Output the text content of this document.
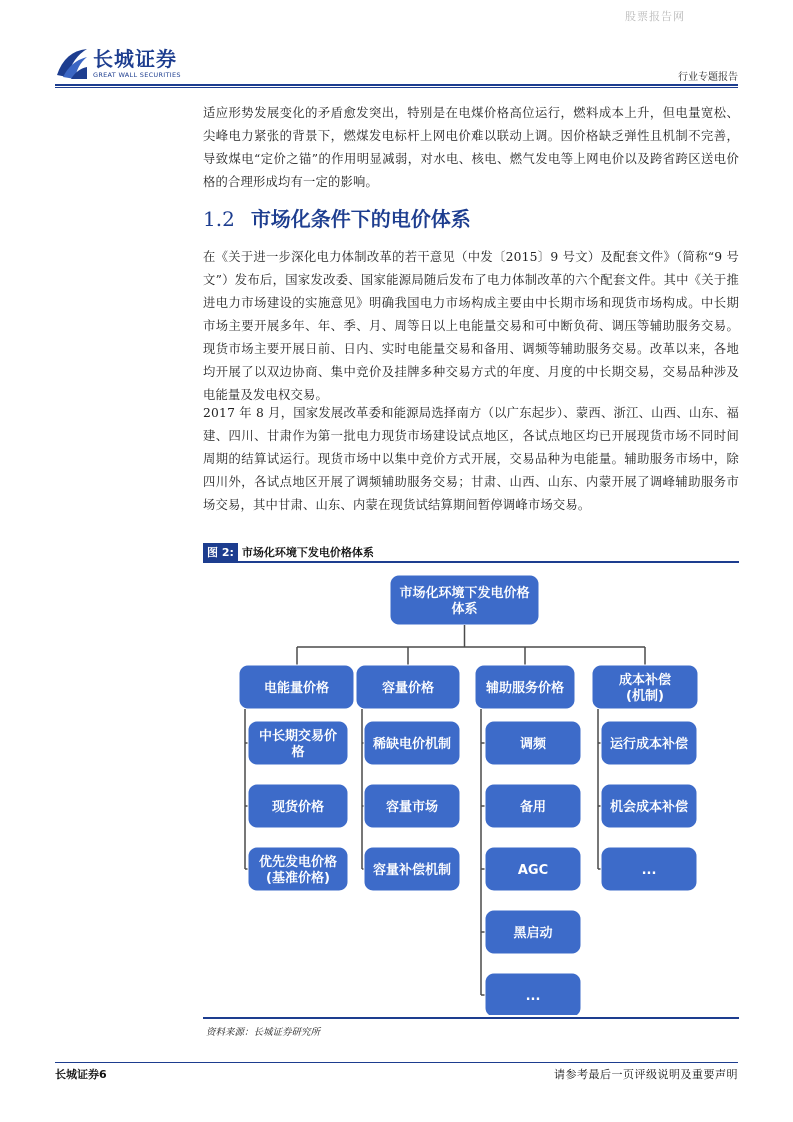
股票报告网
长城证券
GREAT WALL SECURITIES	行业专题报告
适应形势发展变化的矛盾愈发突出，特别是在电煤价格高位运行，燃料成本上升，但电量宽松、尖峰电力紧张的背景下，燃煤发电标杆上网电价难以联动上调。因价格缺乏弹性且机制不完善，导致煤电“定价之锚”的作用明显减弱，对水电、核电、燃气发电等上网电价以及跨省跨区送电价格的合理形成均有一定的影响。
1.2 市场化条件下的电价体系
在《关于进一步深化电力体制改革的若干意见（中发〔2015〕9 号文）及配套文件》（简称“9 号文”）发布后，国家发改委、国家能源局随后发布了电力体制改革的六个配套文件。其中《关于推进电力市场建设的实施意见》明确我国电力市场构成主要由中长期市场和现货市场构成。中长期市场主要开展多年、年、季、月、周等日以上电能量交易和可中断负荷、调压等辅助服务交易。现货市场主要开展日前、日内、实时电能量交易和备用、调频等辅助服务交易。改革以来，各地均开展了以双边协商、集中竞价及挂牌多种交易方式的年度、月度的中长期交易，交易品种涉及电能量及发电权交易。
2017 年 8 月，国家发展改革委和能源局选择南方（以广东起步）、蒙西、浙江、山西、山东、福建、四川、甘肃作为第一批电力现货市场建设试点地区，各试点地区均已开展现货市场不同时间周期的结算试运行。现货市场中以集中竞价方式开展，交易品种为电能量。辅助服务市场中，除四川外，各试点地区开展了调频辅助服务交易；甘肃、山西、山东、内蒙开展了调峰辅助服务市场交易，其中甘肃、山东、内蒙在现货试结算期间暂停调峰市场交易。
图 2: 市场化环境下发电价格体系
市场化环境下发电价格
体系
电能量价格
中长期交易价
格
现货价格
优先发电价格
(基准价格)
容量价格
稀缺电价机制
容量市场
容量补偿机制
辅助服务价格
调频
备用
AGC
黑启动
...
成本补偿
(机制)
运行成本补偿
机会成本补偿
...
资料来源：长城证券研究所
长城证券6	请参考最后一页评级说明及重要声明
